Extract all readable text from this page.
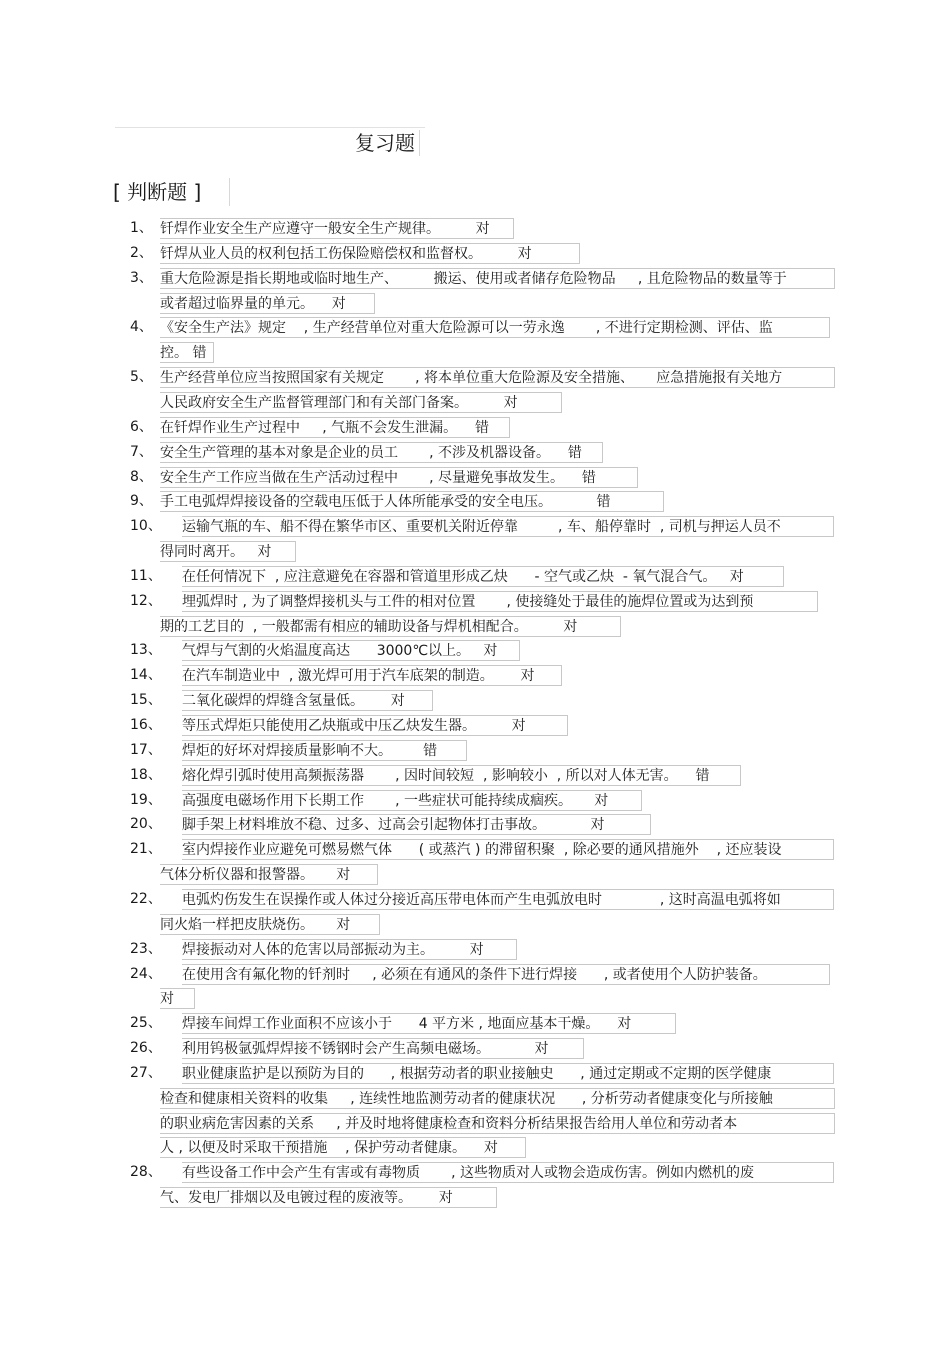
复习题
[ 判断题 ]
1、 钎焊作业安全生产应遵守一般安全生产规律。        对
2、 钎焊从业人员的权利包括工伤保险赔偿权和监督权。        对
3、 重大危险源是指长期地或临时地生产、        搬运、使用或者储存危险物品     , 且危险物品的数量等于
或者超过临界量的单元。    对
4、 《安全生产法》规定    , 生产经营单位对重大危险源可以一劳永逸       , 不进行定期检测、评估、监
控。 错
5、 生产经营单位应当按照国家有关规定       , 将本单位重大危险源及安全措施、     应急措施报有关地方
人民政府安全生产监督管理部门和有关部门备案。        对
6、 在钎焊作业生产过程中     , 气瓶不会发生泄漏。    错
7、 安全生产管理的基本对象是企业的员工       , 不涉及机器设备。    错
8、 安全生产工作应当做在生产活动过程中       , 尽量避免事故发生。    错
9、 手工电弧焊焊接设备的空载电压低于人体所能承受的安全电压。          错
10、 运输气瓶的车、船不得在繁华市区、重要机关附近停靠         , 车、船停靠时  , 司机与押运人员不
得同时离开。   对
11、 在任何情况下  , 应注意避免在容器和管道里形成乙炔      - 空气或乙炔  - 氧气混合气。   对
12、 埋弧焊时 , 为了调整焊接机头与工件的相对位置       , 使接缝处于最佳的施焊位置或为达到预
期的工艺目的  , 一般都需有相应的辅助设备与焊机相配合。        对
13、 气焊与气割的火焰温度高达      3000℃以上。   对
14、 在汽车制造业中  , 激光焊可用于汽车底架的制造。      对
15、 二氧化碳焊的焊缝含氢量低。      对
16、 等压式焊炬只能使用乙炔瓶或中压乙炔发生器。        对
17、 焊炬的好坏对焊接质量影响不大。       错
18、 熔化焊引弧时使用高频振荡器       , 因时间较短  , 影响较小  , 所以对人体无害。    错
19、 高强度电磁场作用下长期工作       , 一些症状可能持续成痼疾。     对
20、 脚手架上材料堆放不稳、过多、过高会引起物体打击事故。          对
21、 室内焊接作业应避免可燃易燃气体      ( 或蒸汽 ) 的滞留积聚  , 除必要的通风措施外    , 还应装设
气体分析仪器和报警器。     对
22、 电弧灼伤发生在误操作或人体过分接近高压带电体而产生电弧放电时             , 这时高温电弧将如
同火焰一样把皮肤烧伤。     对
23、 焊接振动对人体的危害以局部振动为主。        对
24、 在使用含有氟化物的钎剂时     , 必须在有通风的条件下进行焊接      , 或者使用个人防护装备。
对
25、 焊接车间焊工作业面积不应该小于      4 平方米 , 地面应基本干燥。    对
26、 利用钨极氩弧焊焊接不锈钢时会产生高频电磁场。          对
27、 职业健康监护是以预防为目的      , 根据劳动者的职业接触史      , 通过定期或不定期的医学健康
检查和健康相关资料的收集     , 连续性地监测劳动者的健康状况      , 分析劳动者健康变化与所接触
的职业病危害因素的关系     , 并及时地将健康检查和资料分析结果报告给用人单位和劳动者本
人 , 以便及时采取干预措施    , 保护劳动者健康。    对
28、 有些设备工作中会产生有害或有毒物质       , 这些物质对人或物会造成伤害。例如内燃机的废
气、发电厂排烟以及电镀过程的废液等。      对
